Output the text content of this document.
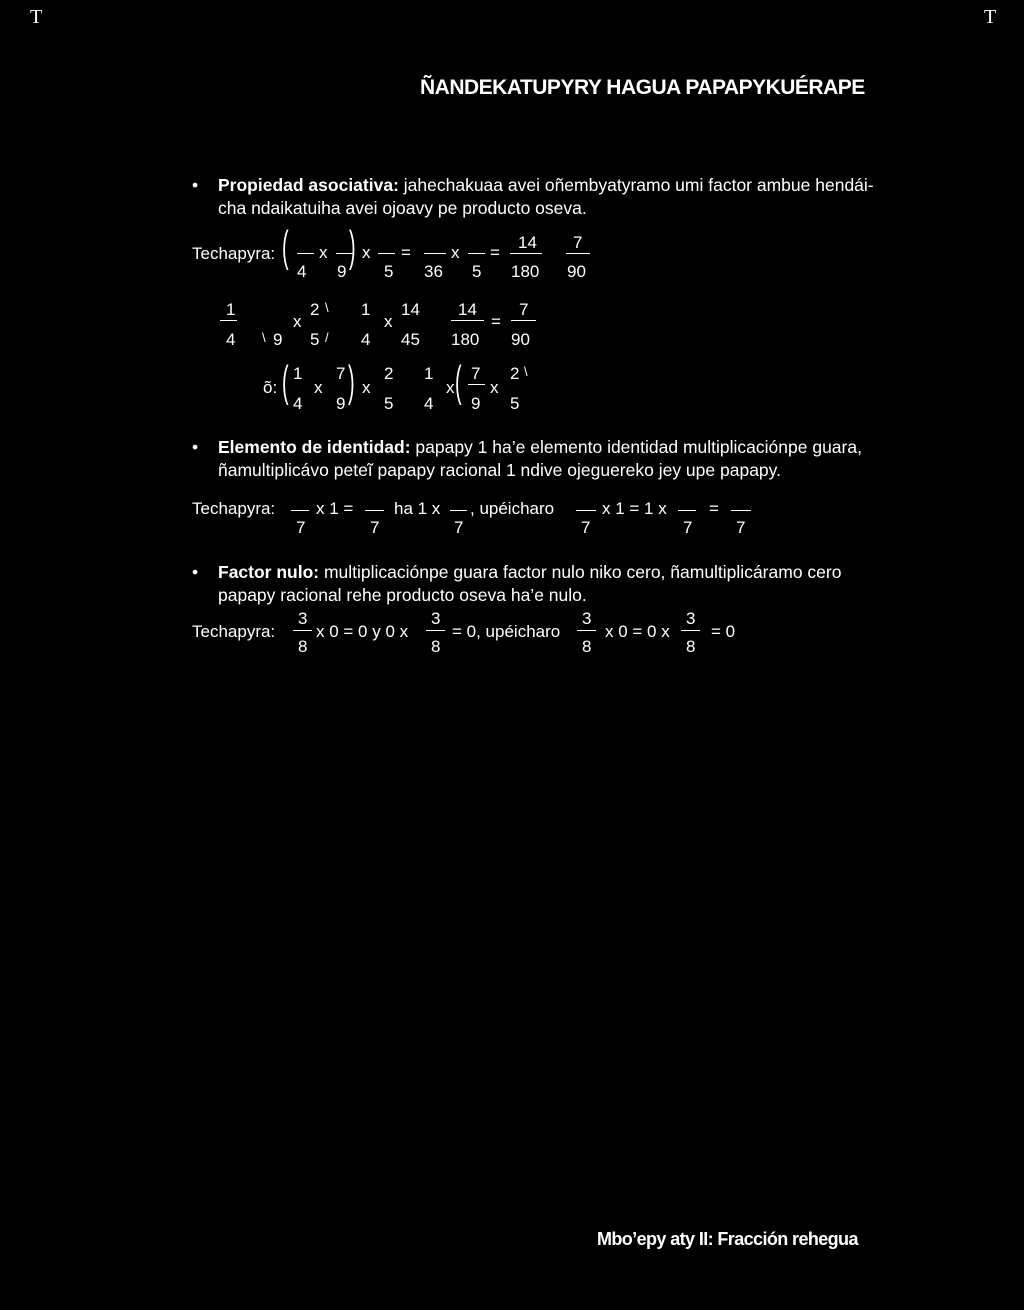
T	T
ÑANDEKATUPYRY HAGUA PAPAPYKUÉRAPE
• Propiedad asociativa: jahechakuaa avei oñembyatyramo umi factor ambue hendái-cha ndaikatuiha avei ojoavy pe producto oseva.
Techapyra: ( x ) x = x =
14 7
4 9 5 36 5 180 90
1
4 \ 9
x
2 \
5 /
1
4
x
14
45
14
180
=
7
90
õ: ( 1
4
x
7
9 ) x
2
5
1
4
x ( 7
9
x
2 \
5
• Elemento de identidad: papapy 1 ha’e elemento identidad multiplicaciónpe guara, ñamultiplicávo peteĩ papapy racional 1 ndive ojeguereko jey upe papapy.
Techapyra: x 1 = ha 1 x , upéicharo	x 1 = 1 x =
7	7	7	7	7	7
• Factor nulo: multiplicaciónpe guara factor nulo niko cero, ñamultiplicáramo cero papapy racional rehe producto oseva ha’e nulo.
Techapyra:
3
8
x 0 = 0 y 0 x
3
8
= 0, upéicharo
3
8
x 0 = 0 x
3
8
= 0
Mbo’epy aty II: Fracción rehegua
